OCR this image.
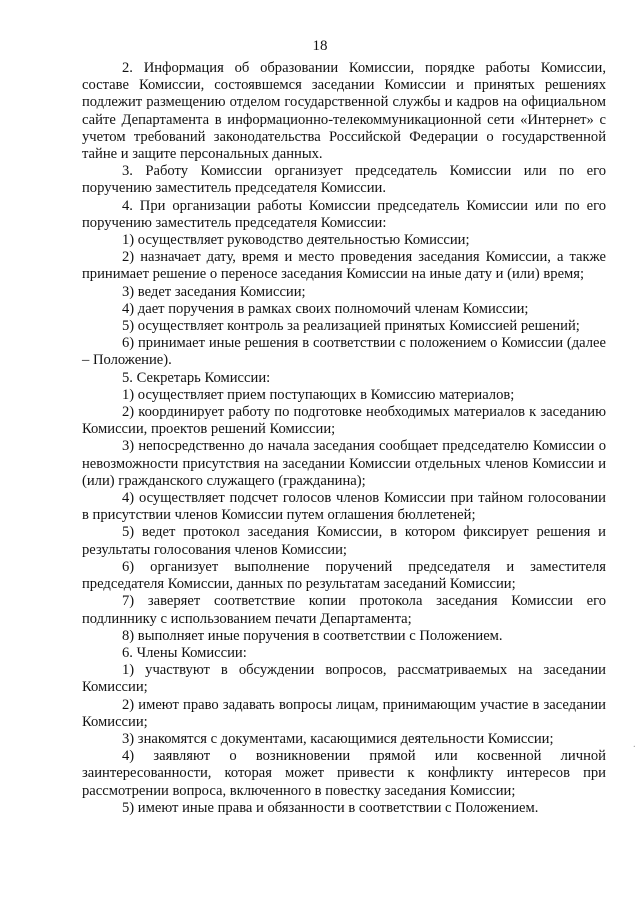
18

2. Информация об образовании Комиссии, порядке работы Комиссии, составе Комиссии, состоявшемся заседании Комиссии и принятых решениях подлежит размещению отделом государственной службы и кадров на официальном сайте Департамента в информационно-телекоммуникационной сети «Интернет» с учетом требований законодательства Российской Федерации о государственной тайне и защите персональных данных.

3. Работу Комиссии организует председатель Комиссии или по его поручению заместитель председателя Комиссии.

4. При организации работы Комиссии председатель Комиссии или по его поручению заместитель председателя Комиссии:

1) осуществляет руководство деятельностью Комиссии;

2) назначает дату, время и место проведения заседания Комиссии, а также принимает решение о переносе заседания Комиссии на иные дату и (или) время;

3) ведет заседания Комиссии;

4) дает поручения в рамках своих полномочий членам Комиссии;

5) осуществляет контроль за реализацией принятых Комиссией решений;

6) принимает иные решения в соответствии с положением о Комиссии (далее – Положение).

5. Секретарь Комиссии:

1) осуществляет прием поступающих в Комиссию материалов;

2) координирует работу по подготовке необходимых материалов к заседанию Комиссии, проектов решений Комиссии;

3) непосредственно до начала заседания сообщает председателю Комиссии о невозможности присутствия на заседании Комиссии отдельных членов Комиссии и (или) гражданского служащего (гражданина);

4) осуществляет подсчет голосов членов Комиссии при тайном голосовании в присутствии членов Комиссии путем оглашения бюллетеней;

5) ведет протокол заседания Комиссии, в котором фиксирует решения и результаты голосования членов Комиссии;

6) организует выполнение поручений председателя и заместителя председателя Комиссии, данных по результатам заседаний Комиссии;

7) заверяет соответствие копии протокола заседания Комиссии его подлиннику с использованием печати Департамента;

8) выполняет иные поручения в соответствии с Положением.

6. Члены Комиссии:

1) участвуют в обсуждении вопросов, рассматриваемых на заседании Комиссии;

2) имеют право задавать вопросы лицам, принимающим участие в заседании Комиссии;

3) знакомятся с документами, касающимися деятельности Комиссии;

4) заявляют о возникновении прямой или косвенной личной заинтересованности, которая может привести к конфликту интересов при рассмотрении вопроса, включенного в повестку заседания Комиссии;

5) имеют иные права и обязанности в соответствии с Положением.

·
